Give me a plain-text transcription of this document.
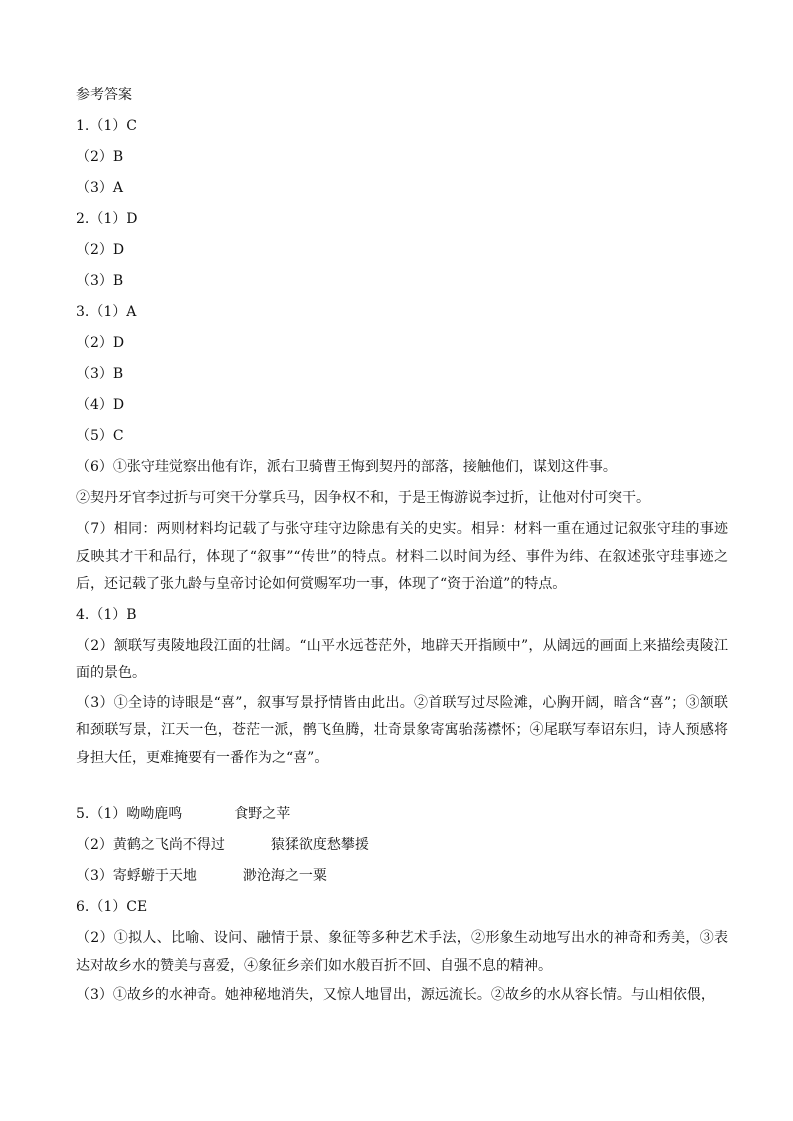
参考答案
1.（1）C
（2）B
（3）A
2.（1）D
（2）D
（3）B
3.（1）A
（2）D
（3）B
（4）D
（5）C
（6）①张守珪觉察出他有诈，派右卫骑曹王悔到契丹的部落，接触他们，谋划这件事。
②契丹牙官李过折与可突干分掌兵马，因争权不和，于是王悔游说李过折，让他对付可突干。
（7）相同：两则材料均记载了与张守珪守边除患有关的史实。相异：材料一重在通过记叙张守珪的事迹反映其才干和品行，体现了“叙事”“传世”的特点。材料二以时间为经、事件为纬、在叙述张守珪事迹之后，还记载了张九龄与皇帝讨论如何赏赐军功一事，体现了“资于治道”的特点。
4.（1）B
（2）颔联写夷陵地段江面的壮阔。“山平水远苍茫外，地辟天开指顾中”，从阔远的画面上来描绘夷陵江面的景色。
（3）①全诗的诗眼是“喜”，叙事写景抒情皆由此出。②首联写过尽险滩，心胸开阔，暗含“喜”；③颔联和颈联写景，江天一色，苍茫一派，鹘飞鱼腾，壮奇景象寄寓骀荡襟怀；④尾联写奉诏东归，诗人预感将身担大任，更难掩要有一番作为之“喜”。
5.（1）呦呦鹿鸣	食野之苹
（2）黄鹤之飞尚不得过	猿猱欲度愁攀援
（3）寄蜉蝣于天地	渺沧海之一粟
6.（1）CE
（2）①拟人、比喻、设问、融情于景、象征等多种艺术手法，②形象生动地写出水的神奇和秀美，③表达对故乡水的赞美与喜爱，④象征乡亲们如水般百折不回、自强不息的精神。
（3）①故乡的水神奇。她神秘地消失，又惊人地冒出，源远流长。②故乡的水从容长情。与山相依偎，
